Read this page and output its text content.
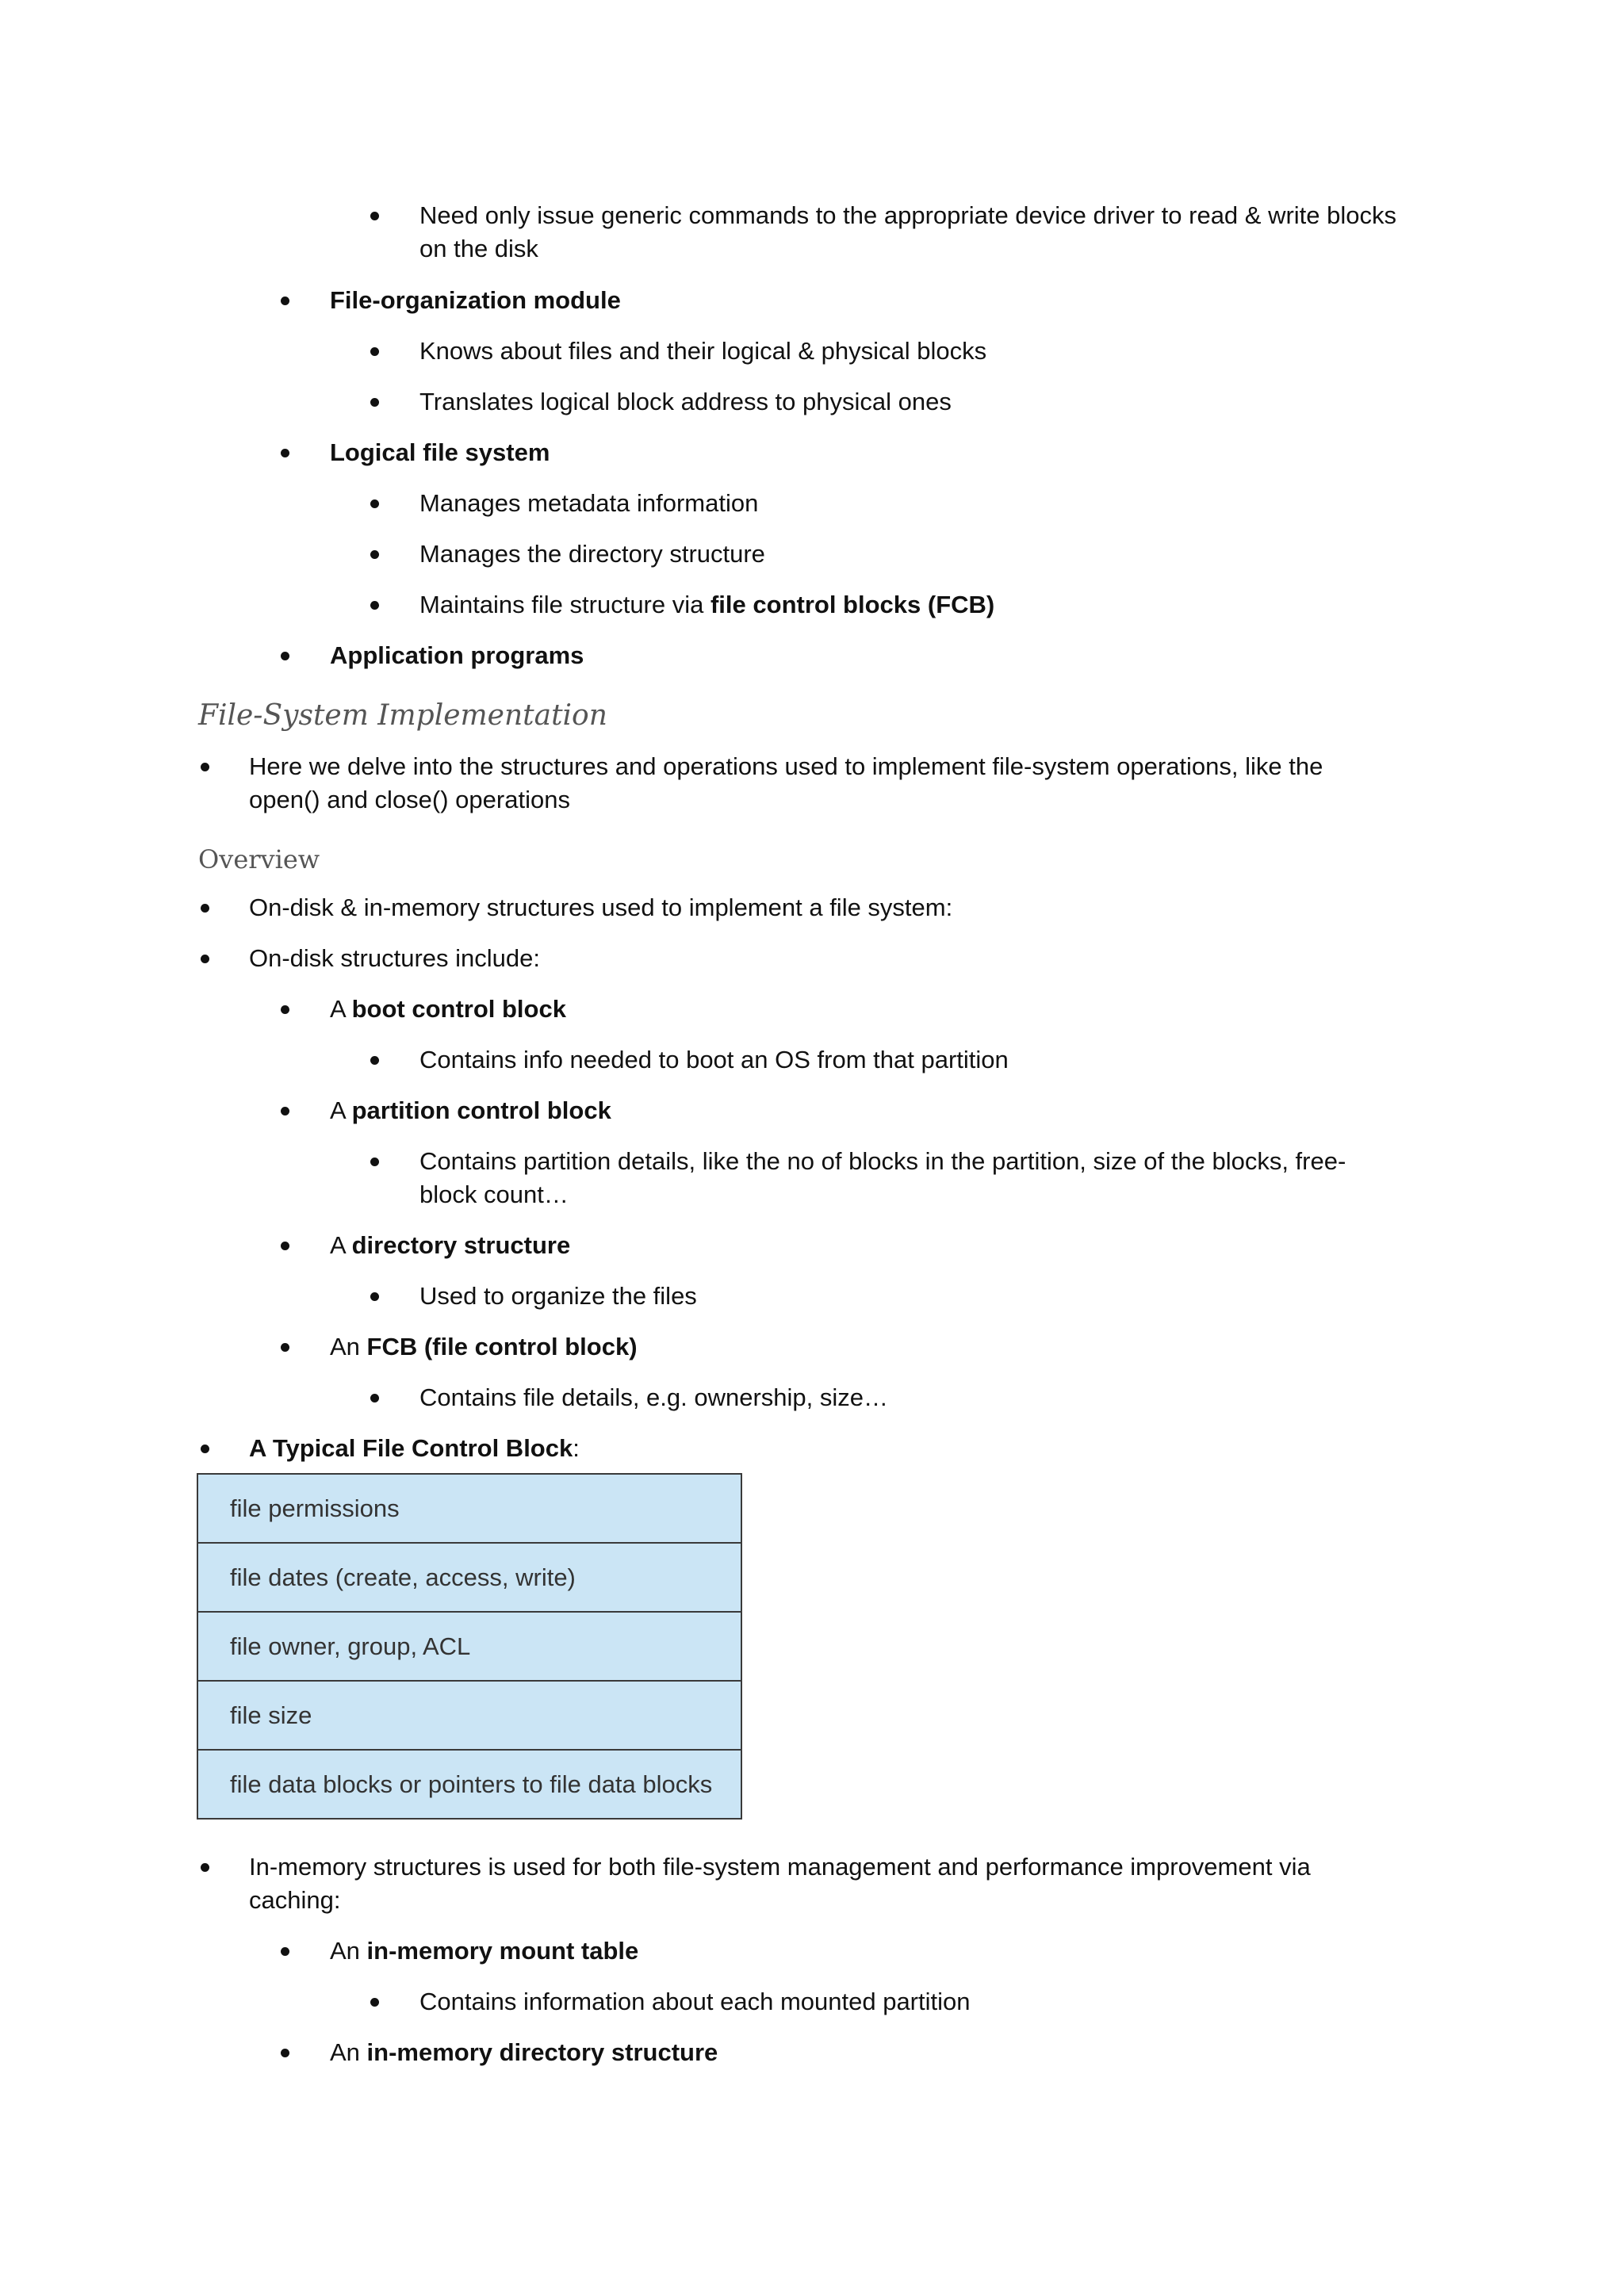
Need only issue generic commands to the appropriate device driver to read & write blocks
on the disk
File-organization module
Knows about files and their logical & physical blocks
Translates logical block address to physical ones
Logical file system
Manages metadata information
Manages the directory structure
Maintains file structure via file control blocks (FCB)
Application programs
File-System Implementation
Here we delve into the structures and operations used to implement file-system operations, like the
open() and close() operations
Overview
On-disk & in-memory structures used to implement a file system:
On-disk structures include:
A boot control block
Contains info needed to boot an OS from that partition
A partition control block
Contains partition details, like the no of blocks in the partition, size of the blocks, free-
block count…
A directory structure
Used to organize the files
An FCB (file control block)
Contains file details, e.g. ownership, size…
A Typical File Control Block:
file permissions
file dates (create, access, write)
file owner, group, ACL
file size
file data blocks or pointers to file data blocks
In-memory structures is used for both file-system management and performance improvement via
caching:
An in-memory mount table
Contains information about each mounted partition
An in-memory directory structure
